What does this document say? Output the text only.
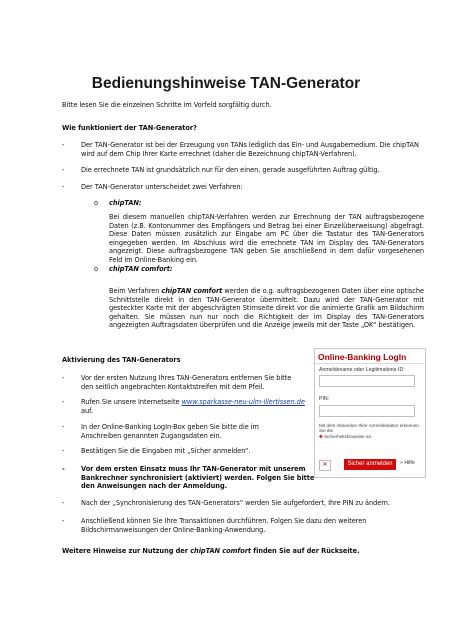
Bedienungshinweise TAN-Generator
Bitte lesen Sie die einzelnen Schritte im Vorfeld sorgfältig durch.
Wie funktioniert der TAN-Generator?
-	Der TAN-Generator ist bei der Erzeugung von TANs lediglich das Ein- und Ausgabemedium. Die chipTAN wird auf dem Chip Ihrer Karte errechnet (daher die Bezeichnung chipTAN-Verfahren).
-	Die errechnete TAN ist grundsätzlich nur für den einen, gerade ausgeführten Auftrag gültig.
-	Der TAN-Generator unterscheidet zwei Verfahren:
o chipTAN:
Bei diesem manuellen chipTAN-Verfahren werden zur Errechnung der TAN auftragsbezogene Daten (z.B. Kontonummer des Empfängers und Betrag bei einer Einzelüberweisung) abgefragt. Diese Daten müssen zusätzlich zur Eingabe am PC über die Tastatur des TAN-Generators eingegeben werden. Im Abschluss wird die errechnete TAN im Display des TAN-Generators angezeigt. Diese auftragsbezogene TAN geben Sie anschließend in dem dafür vorgesehenen Feld im Online-Banking ein.
o chipTAN comfort:
Beim Verfahren chipTAN comfort werden die o.g. auftragsbezogenen Daten über eine optische Schnittstelle direkt in den TAN-Generator übermittelt. Dazu wird der TAN-Generator mit gesteckter Karte mit der abgeschrägten Stirnseite direkt vor die animierte Grafik am Bildschirm gehalten. Sie müssen nun nur noch die Richtigkeit der im Display des TAN-Generators angezeigten Auftragsdaten überprüfen und die Anzeige jeweils mit der Taste „OK“ bestätigen.
Aktivierung des TAN-Generators
-	Vor der ersten Nutzung Ihres TAN-Generators entfernen Sie bitte den seitlich angebrachten Kontaktstreifen mit dem Pfeil.
-	Rufen Sie unsere Internetseite www.sparkasse-neu-ulm-illertissen.de
auf.
-	In der Online-Banking LogIn-Box geben Sie bitte die im Anschreiben genannten Zugangsdaten ein.
-	Bestätigen Sie die Eingaben mit „Sicher anmelden“.
- Vor dem ersten Einsatz muss Ihr TAN-Generator mit unserem Bankrechner synchronisiert (aktiviert) werden. Folgen Sie bitte den Anweisungen nach der Anmeldung.
-	Nach der „Synchronisierung des TAN-Generators“ werden Sie aufgefordert, Ihre PIN zu ändern.
-	Anschließend können Sie Ihre Transaktionen durchführen. Folgen Sie dazu den weiteren Bildschirmanweisungen der Online-Banking-Anwendung.
Weitere Hinweise zur Nutzung der chipTAN comfort finden Sie auf der Rückseite.
Online-Banking LogIn
Anmeldename oder Legitimations-ID:
PIN:
Mit dem Absenden Ihrer Anmeldedaten erkennen Sie die
✚ Sicherheitshinweise an.
✕	Sicher anmelden	» Hilfe
